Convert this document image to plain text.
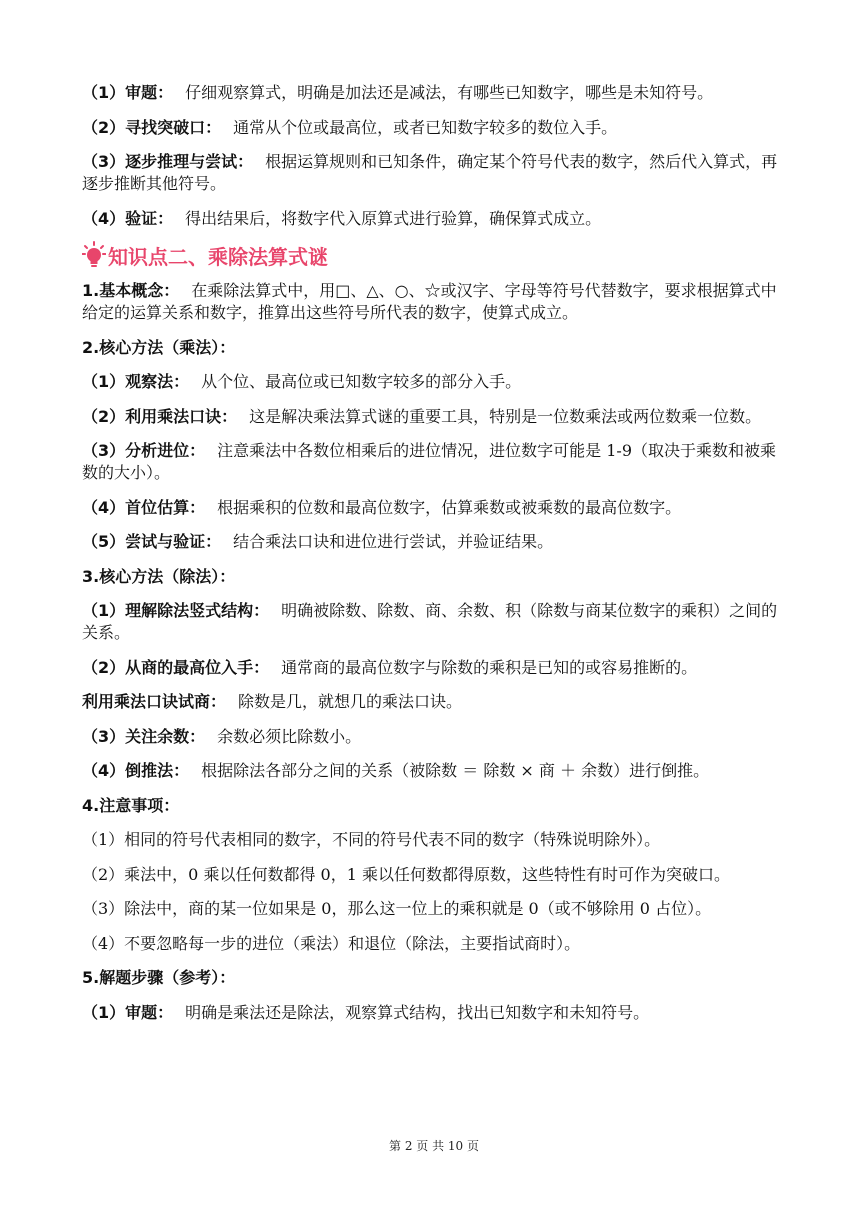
（1）审题： 仔细观察算式，明确是加法还是减法，有哪些已知数字，哪些是未知符号。
（2）寻找突破口： 通常从个位或最高位，或者已知数字较多的数位入手。
（3）逐步推理与尝试： 根据运算规则和已知条件，确定某个符号代表的数字，然后代入算式，再逐步推断其他符号。
（4）验证： 得出结果后，将数字代入原算式进行验算，确保算式成立。
知识点二、乘除法算式谜
1.基本概念： 在乘除法算式中，用□、△、○、☆或汉字、字母等符号代替数字，要求根据算式中给定的运算关系和数字，推算出这些符号所代表的数字，使算式成立。
2.核心方法（乘法）：
（1）观察法： 从个位、最高位或已知数字较多的部分入手。
（2）利用乘法口诀： 这是解决乘法算式谜的重要工具，特别是一位数乘法或两位数乘一位数。
（3）分析进位： 注意乘法中各数位相乘后的进位情况，进位数字可能是 1-9（取决于乘数和被乘数的大小）。
（4）首位估算： 根据乘积的位数和最高位数字，估算乘数或被乘数的最高位数字。
（5）尝试与验证： 结合乘法口诀和进位进行尝试，并验证结果。
3.核心方法（除法）：
（1）理解除法竖式结构： 明确被除数、除数、商、余数、积（除数与商某位数字的乘积）之间的关系。
（2）从商的最高位入手： 通常商的最高位数字与除数的乘积是已知的或容易推断的。
利用乘法口诀试商： 除数是几，就想几的乘法口诀。
（3）关注余数： 余数必须比除数小。
（4）倒推法： 根据除法各部分之间的关系（被除数 ＝ 除数 × 商 ＋ 余数）进行倒推。
4.注意事项：
（1）相同的符号代表相同的数字，不同的符号代表不同的数字（特殊说明除外）。
（2）乘法中，0 乘以任何数都得 0，1 乘以任何数都得原数，这些特性有时可作为突破口。
（3）除法中，商的某一位如果是 0，那么这一位上的乘积就是 0（或不够除用 0 占位）。
（4）不要忽略每一步的进位（乘法）和退位（除法，主要指试商时）。
5.解题步骤（参考）：
（1）审题： 明确是乘法还是除法，观察算式结构，找出已知数字和未知符号。
第 2 页 共 10 页
